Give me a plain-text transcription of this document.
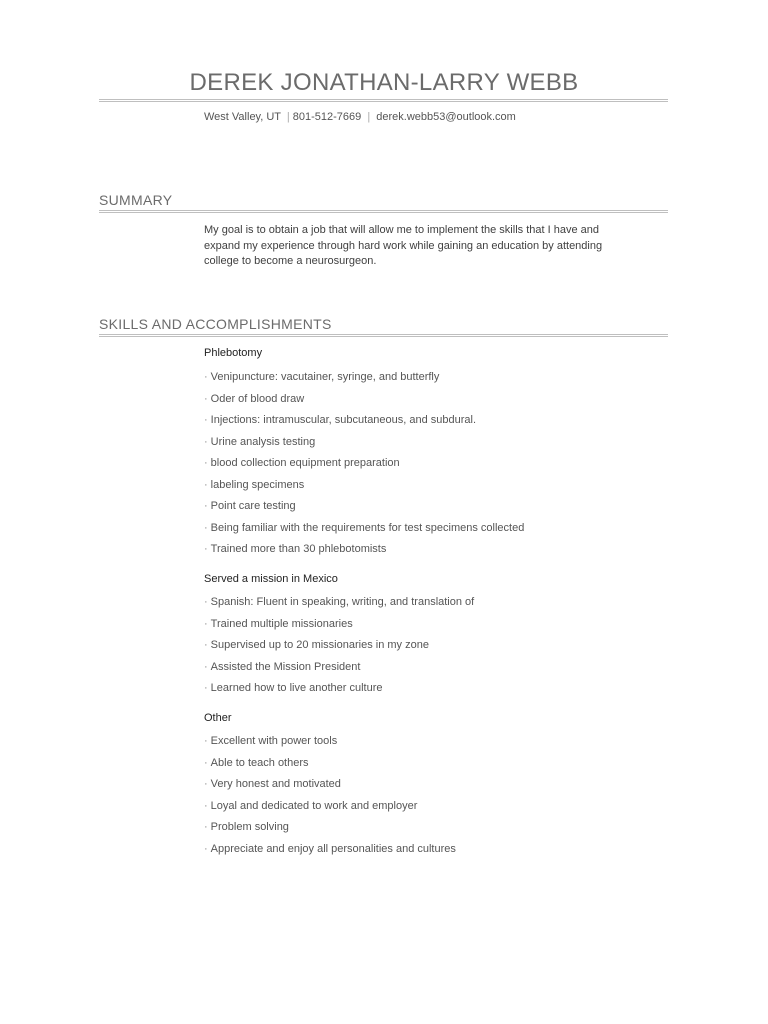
DEREK JONATHAN-LARRY WEBB
West Valley, UT | 801-512-7669 | derek.webb53@outlook.com
SUMMARY
My goal is to obtain a job that will allow me to implement the skills that I have and expand my experience through hard work while gaining an education by attending college to become a neurosurgeon.
SKILLS AND ACCOMPLISHMENTS
Phlebotomy
· Venipuncture: vacutainer, syringe, and butterfly
· Oder of blood draw
· Injections: intramuscular, subcutaneous, and subdural.
· Urine analysis testing
· blood collection equipment preparation
· labeling specimens
· Point care testing
· Being familiar with the requirements for test specimens collected
· Trained more than 30 phlebotomists
Served a mission in Mexico
· Spanish: Fluent in speaking, writing, and translation of
· Trained multiple missionaries
· Supervised up to 20 missionaries in my zone
· Assisted the Mission President
· Learned how to live another culture
Other
· Excellent with power tools
· Able to teach others
· Very honest and motivated
· Loyal and dedicated to work and employer
· Problem solving
· Appreciate and enjoy all personalities and cultures
